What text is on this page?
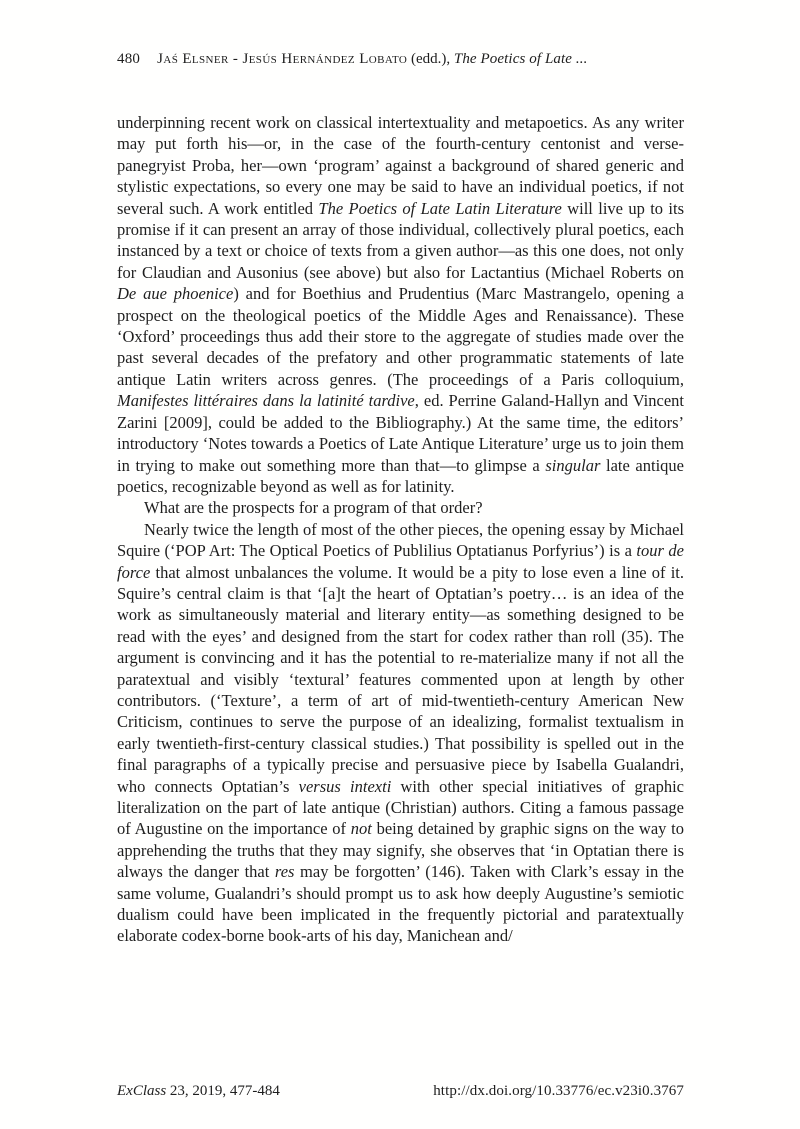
480 Jaś Elsner - Jesús Hernández Lobato (edd.), The Poetics of Late ...

underpinning recent work on classical intertextuality and metapoetics. As any writer may put forth his—or, in the case of the fourth-century centonist and verse-panegryist Proba, her—own ‘program’ against a background of shared generic and stylistic expectations, so every one may be said to have an individual poetics, if not several such. A work entitled The Poetics of Late Latin Literature will live up to its promise if it can present an array of those individual, collectively plural poetics, each instanced by a text or choice of texts from a given author—as this one does, not only for Claudian and Ausonius (see above) but also for Lactantius (Michael Roberts on De aue phoenice) and for Boethius and Prudentius (Marc Mastrangelo, opening a prospect on the theological poetics of the Middle Ages and Renaissance). These ‘Oxford’ proceedings thus add their store to the aggregate of studies made over the past several decades of the prefatory and other programmatic statements of late antique Latin writers across genres. (The proceedings of a Paris colloquium, Manifestes littéraires dans la latinité tardive, ed. Perrine Galand-Hallyn and Vincent Zarini [2009], could be added to the Bibliography.) At the same time, the editors’ introductory ‘Notes towards a Poetics of Late Antique Literature’ urge us to join them in trying to make out something more than that—to glimpse a singular late antique poetics, recognizable beyond as well as for latinity.

What are the prospects for a program of that order?

Nearly twice the length of most of the other pieces, the opening essay by Michael Squire (‘POP Art: The Optical Poetics of Publilius Optatianus Porfyrius’) is a tour de force that almost unbalances the volume. It would be a pity to lose even a line of it. Squire’s central claim is that ‘[a]t the heart of Optatian’s poetry… is an idea of the work as simultaneously material and literary entity—as something designed to be read with the eyes’ and designed from the start for codex rather than roll (35). The argument is convincing and it has the potential to re-materialize many if not all the paratextual and visibly ‘textural’ features commented upon at length by other contributors. (‘Texture’, a term of art of mid-twentieth-century American New Criticism, continues to serve the purpose of an idealizing, formalist textualism in early twentieth-first-century classical studies.) That possibility is spelled out in the final paragraphs of a typically precise and persuasive piece by Isabella Gualandri, who connects Optatian’s versus intexti with other special initiatives of graphic literalization on the part of late antique (Christian) authors. Citing a famous passage of Augustine on the importance of not being detained by graphic signs on the way to apprehending the truths that they may signify, she observes that ‘in Optatian there is always the danger that res may be forgotten’ (146). Taken with Clark’s essay in the same volume, Gualandri’s should prompt us to ask how deeply Augustine’s semiotic dualism could have been implicated in the frequently pictorial and paratextually elaborate codex-borne book-arts of his day, Manichean and/

ExClass 23, 2019, 477-484	http://dx.doi.org/10.33776/ec.v23i0.3767
